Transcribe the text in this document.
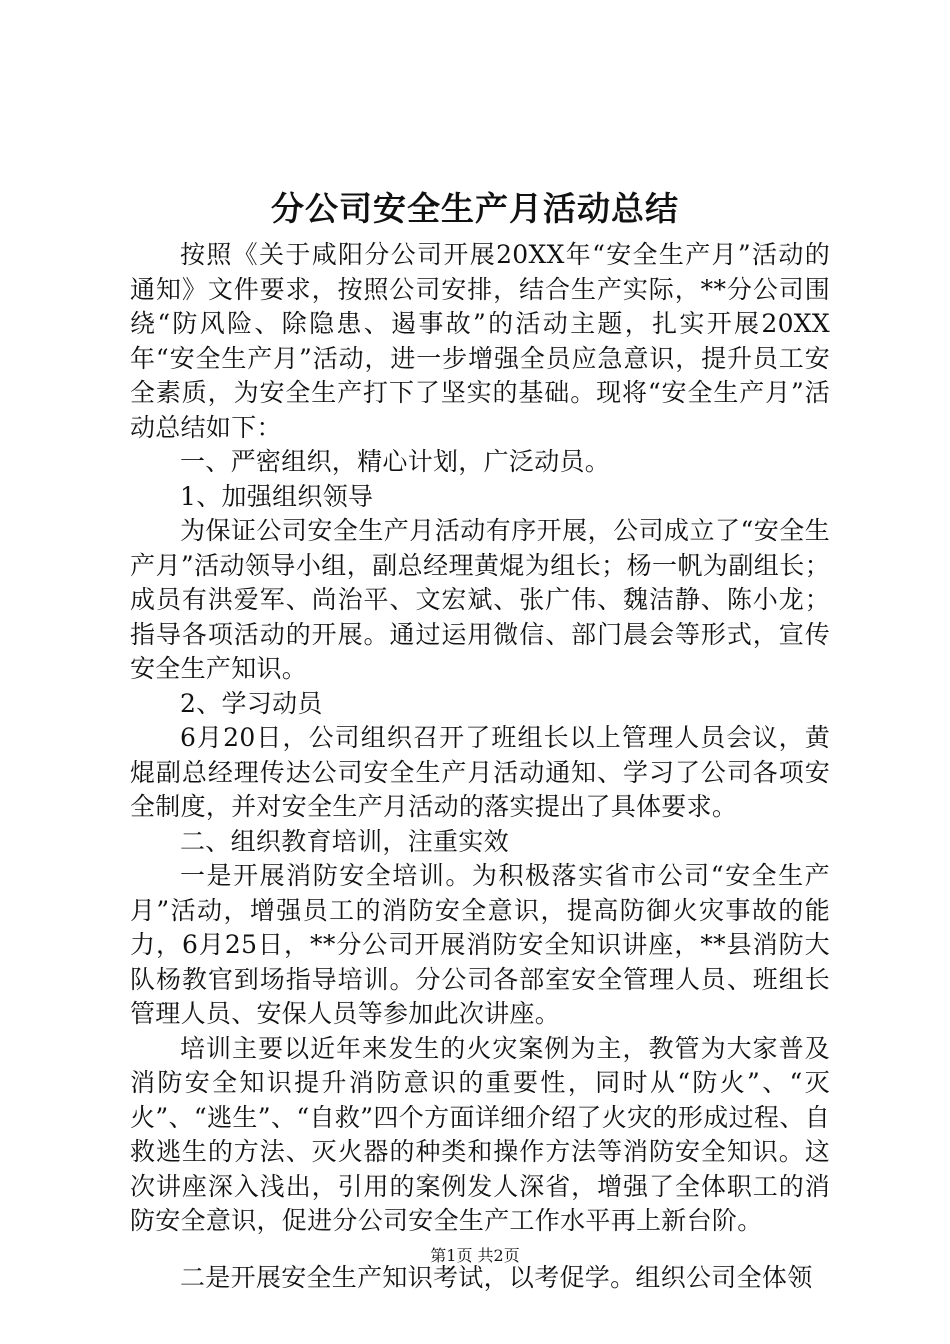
分公司安全生产月活动总结

按照《关于咸阳分公司开展20XX年“安全生产月”活动的通知》文件要求，按照公司安排，结合生产实际，**分公司围绕“防风险、除隐患、遏事故”的活动主题，扎实开展20XX年“安全生产月”活动，进一步增强全员应急意识，提升员工安全素质，为安全生产打下了坚实的基础。现将“安全生产月”活动总结如下：

一、严密组织，精心计划，广泛动员。

1、加强组织领导

为保证公司安全生产月活动有序开展，公司成立了“安全生产月”活动领导小组，副总经理黄焜为组长；杨一帆为副组长；成员有洪爱军、尚治平、文宏斌、张广伟、魏洁静、陈小龙；指导各项活动的开展。通过运用微信、部门晨会等形式，宣传安全生产知识。

2、学习动员

6月20日，公司组织召开了班组长以上管理人员会议，黄焜副总经理传达公司安全生产月活动通知、学习了公司各项安全制度，并对安全生产月活动的落实提出了具体要求。

二、组织教育培训，注重实效

一是开展消防安全培训。为积极落实省市公司“安全生产月”活动，增强员工的消防安全意识，提高防御火灾事故的能力，6月25日，**分公司开展消防安全知识讲座，**县消防大队杨教官到场指导培训。分公司各部室安全管理人员、班组长管理人员、安保人员等参加此次讲座。

培训主要以近年来发生的火灾案例为主，教管为大家普及消防安全知识提升消防意识的重要性，同时从“防火”、“灭火”、“逃生”、“自救”四个方面详细介绍了火灾的形成过程、自救逃生的方法、灭火器的种类和操作方法等消防安全知识。这次讲座深入浅出，引用的案例发人深省，增强了全体职工的消防安全意识，促进分公司安全生产工作水平再上新台阶。

二是开展安全生产知识考试，以考促学。组织公司全体领

第1页 共2页
